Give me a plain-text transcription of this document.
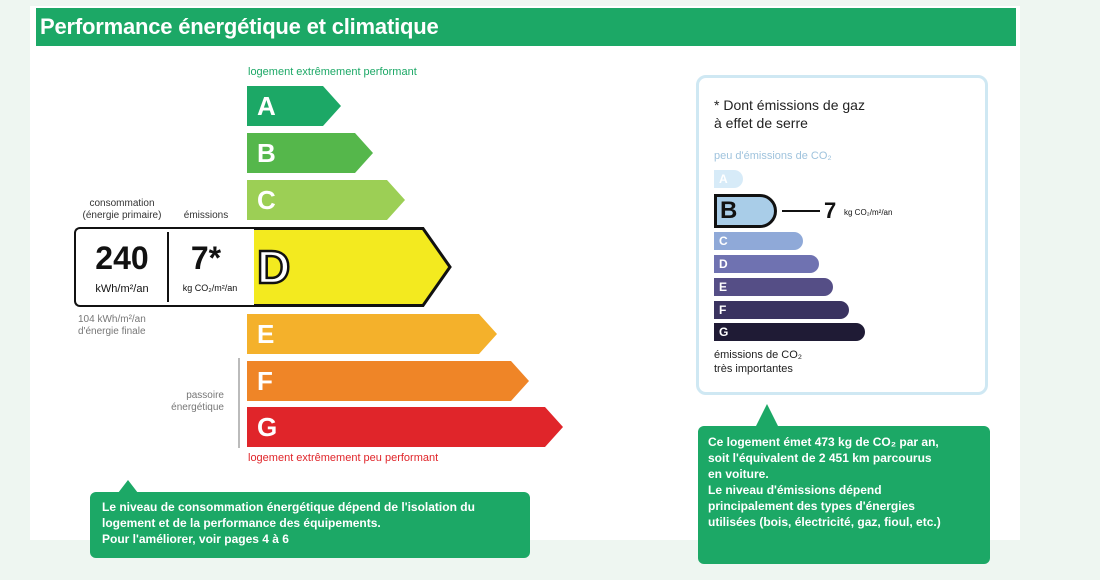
Performance énergétique et climatique
logement extrêmement performant
A
B
C
D
E
F
G
logement extrêmement peu performant
consommation
(énergie primaire)	émissions
240
kWh/m²/an
7*
kg CO₂/m²/an
104 kWh/m²/an
d'énergie finale
passoire
énergétique
Le niveau de consommation énergétique dépend de l'isolation du
logement et de la performance des équipements.
Pour l'améliorer, voir pages 4 à 6
* Dont émissions de gaz
à effet de serre
peu d'émissions de CO₂
A
B	7 kg CO₂/m²/an
C
D
E
F
G
émissions de CO₂
très importantes
Ce logement émet 473 kg de CO₂ par an,
soit l'équivalent de 2 451 km parcourus
en voiture.
Le niveau d'émissions dépend
principalement des types d'énergies
utilisées (bois, électricité, gaz, fioul, etc.)
